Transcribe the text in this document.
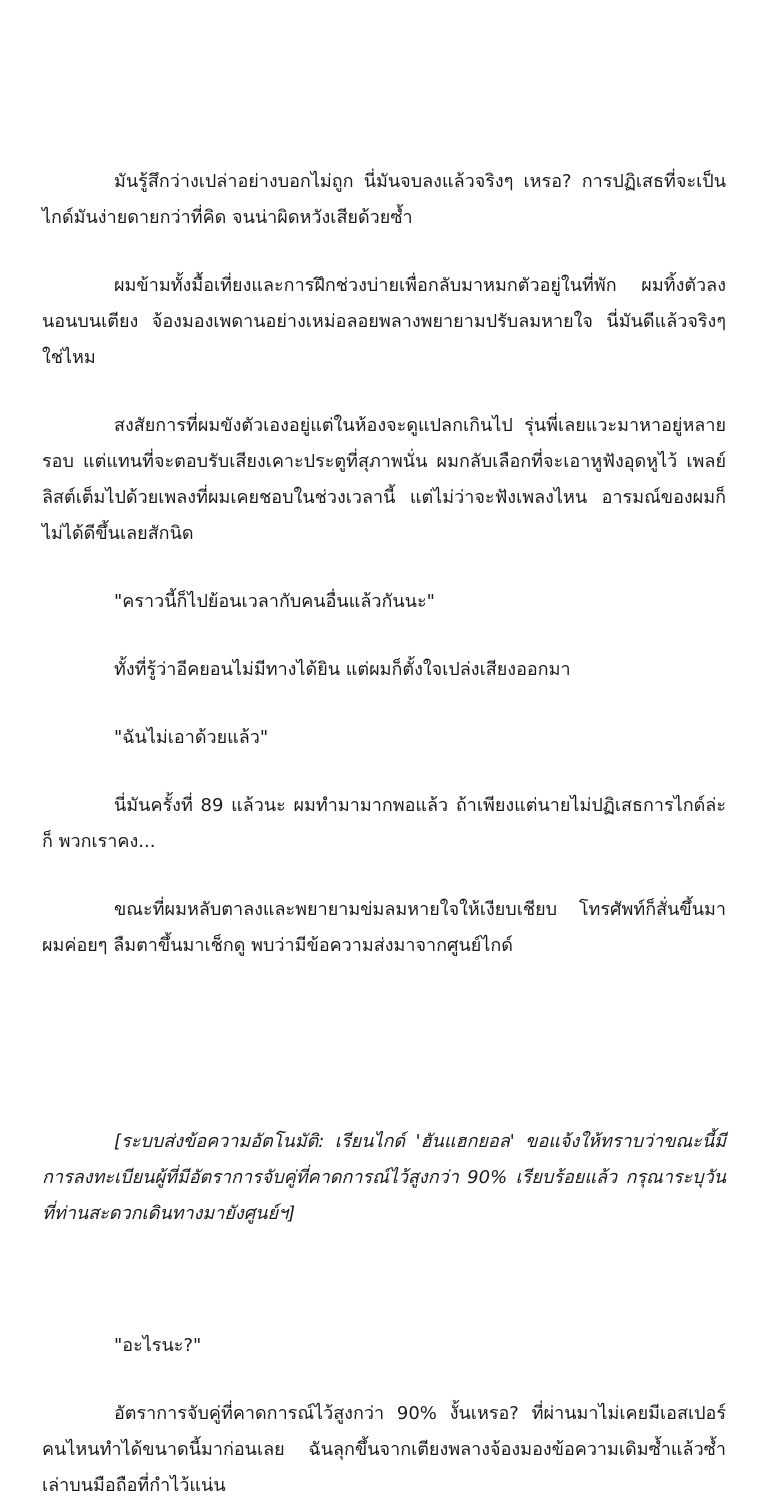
มันรู้สึกว่างเปล่าอย่างบอกไม่ถูก นี่มันจบลงแล้วจริงๆ เหรอ? การปฏิเสธที่จะเป็นไกด์มันง่ายดายกว่าที่คิด จนน่าผิดหวังเสียด้วยซ้ำ

ผมข้ามทั้งมื้อเที่ยงและการฝึกช่วงบ่ายเพื่อกลับมาหมกตัวอยู่ในที่พัก ผมทิ้งตัวลงนอนบนเตียง จ้องมองเพดานอย่างเหม่อลอยพลางพยายามปรับลมหายใจ นี่มันดีแล้วจริงๆ ใช่ไหม

สงสัยการที่ผมขังตัวเองอยู่แต่ในห้องจะดูแปลกเกินไป รุ่นพี่เลยแวะมาหาอยู่หลายรอบ แต่แทนที่จะตอบรับเสียงเคาะประตูที่สุภาพนั่น ผมกลับเลือกที่จะเอาหูฟังอุดหูไว้ เพลย์ลิสต์เต็มไปด้วยเพลงที่ผมเคยชอบในช่วงเวลานี้ แต่ไม่ว่าจะฟังเพลงไหน อารมณ์ของผมก็ไม่ได้ดีขึ้นเลยสักนิด

"คราวนี้ก็ไปย้อนเวลากับคนอื่นแล้วกันนะ"

ทั้งที่รู้ว่าอีคยอนไม่มีทางได้ยิน แต่ผมก็ตั้งใจเปล่งเสียงออกมา

"ฉันไม่เอาด้วยแล้ว"

นี่มันครั้งที่ 89 แล้วนะ ผมทำมามากพอแล้ว ถ้าเพียงแต่นายไม่ปฏิเสธการไกด์ล่ะก็ พวกเราคง...

ขณะที่ผมหลับตาลงและพยายามข่มลมหายใจให้เงียบเชียบ โทรศัพท์ก็สั่นขึ้นมา ผมค่อยๆ ลืมตาขึ้นมาเช็กดู พบว่ามีข้อความส่งมาจากศูนย์ไกด์

[ระบบส่งข้อความอัตโนมัติ: เรียนไกด์ 'ฮันแฮกยอล' ขอแจ้งให้ทราบว่าขณะนี้มีการลงทะเบียนผู้ที่มีอัตราการจับคู่ที่คาดการณ์ไว้สูงกว่า 90% เรียบร้อยแล้ว กรุณาระบุวันที่ท่านสะดวกเดินทางมายังศูนย์ฯ]

"อะไรนะ?"

อัตราการจับคู่ที่คาดการณ์ไว้สูงกว่า 90% งั้นเหรอ? ที่ผ่านมาไม่เคยมีเอสเปอร์คนไหนทำได้ขนาดนี้มาก่อนเลย ฉันลุกขึ้นจากเตียงพลางจ้องมองข้อความเดิมซ้ำแล้วซ้ำเล่าบนมือถือที่กำไว้แน่น
